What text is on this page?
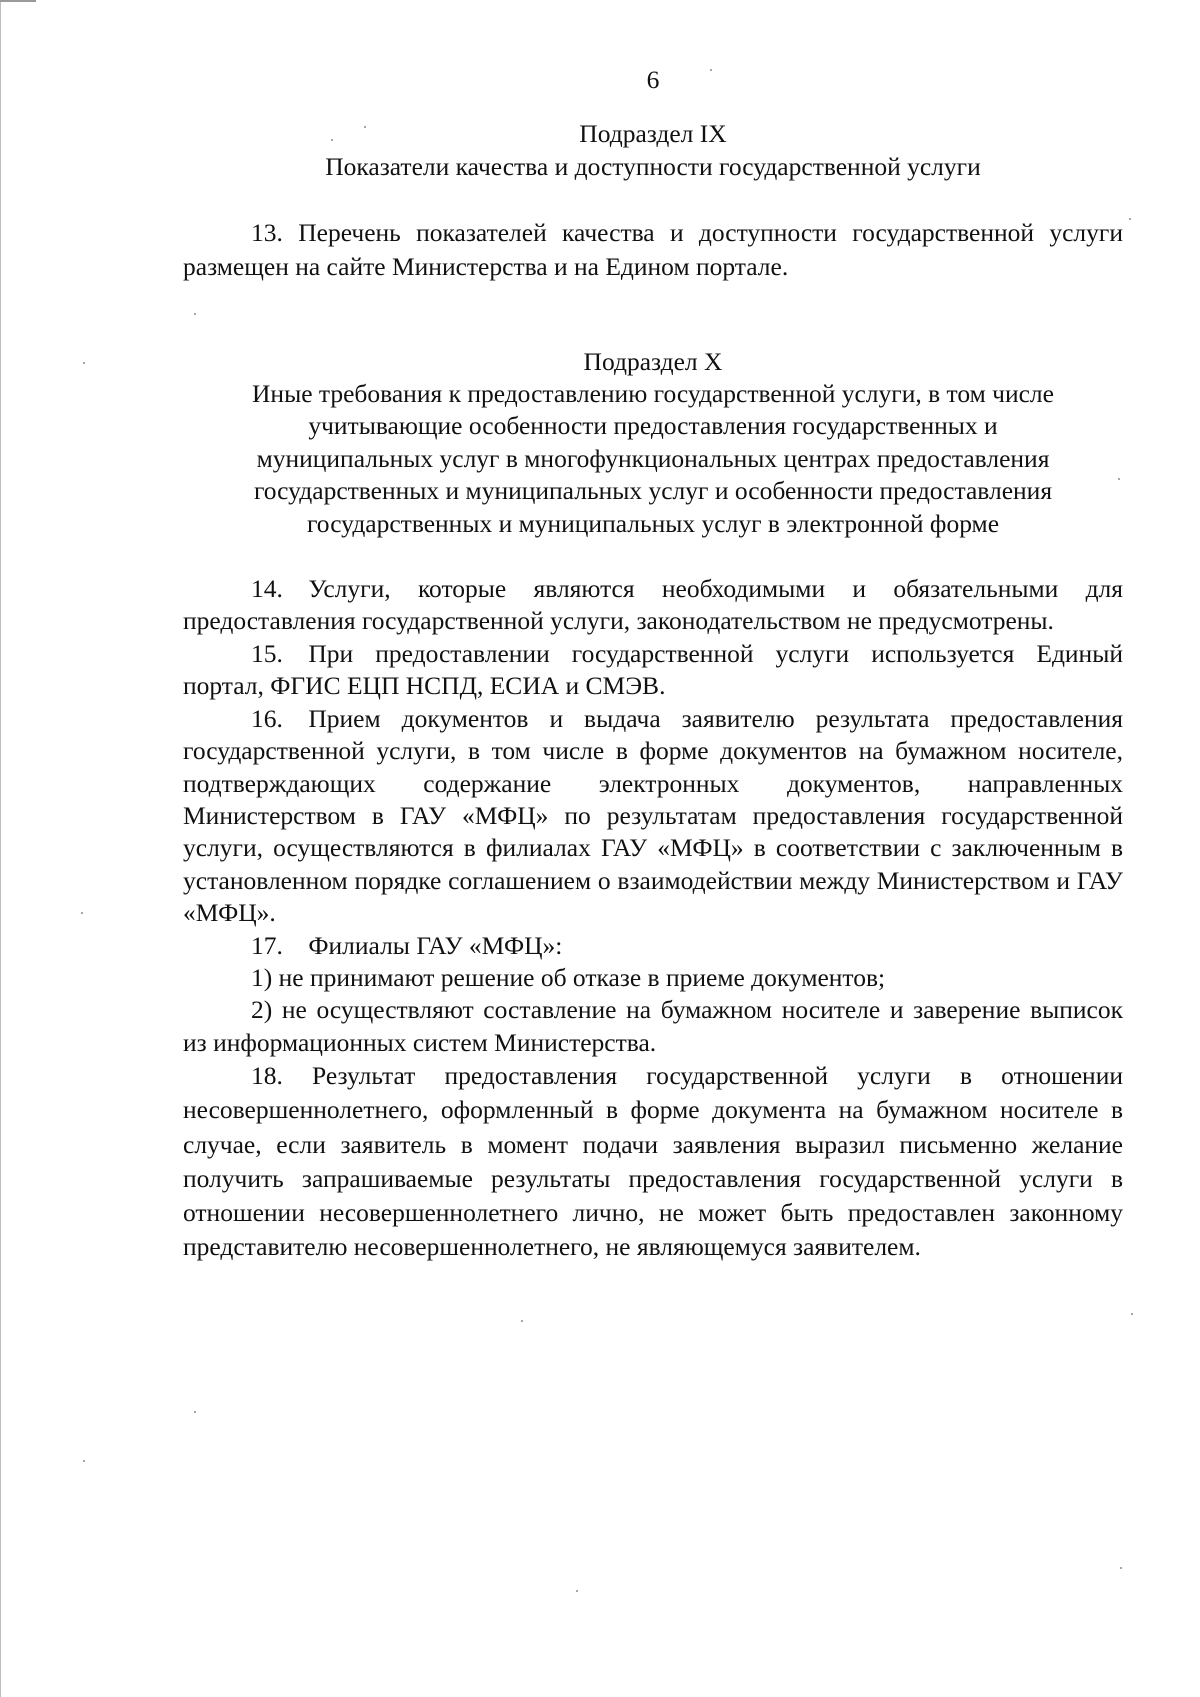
6

Подраздел IX

Показатели качества и доступности государственной услуги

13. Перечень показателей качества и доступности государственной услуги размещен на сайте Министерства и на Едином портале.

Подраздел X

Иные требования к предоставлению государственной услуги, в том числе

учитывающие особенности предоставления государственных и

муниципальных услуг в многофункциональных центрах предоставления

государственных и муниципальных услуг и особенности предоставления

государственных и муниципальных услуг в электронной форме

14. Услуги, которые являются необходимыми и обязательными для предоставления государственной услуги, законодательством не предусмотрены.

15. При предоставлении государственной услуги используется Единый портал, ФГИС ЕЦП НСПД, ЕСИА и СМЭВ.

16. Прием документов и выдача заявителю результата предоставления государственной услуги, в том числе в форме документов на бумажном носителе, подтверждающих содержание электронных документов, направленных Министерством в ГАУ «МФЦ» по результатам предоставления государственной услуги, осуществляются в филиалах ГАУ «МФЦ» в соответствии с заключенным в установленном порядке соглашением о взаимодействии между Министерством и ГАУ «МФЦ».

17. Филиалы ГАУ «МФЦ»:

1) не принимают решение об отказе в приеме документов;

2) не осуществляют составление на бумажном носителе и заверение выписок из информационных систем Министерства.

18. Результат предоставления государственной услуги в отношении несовершеннолетнего, оформленный в форме документа на бумажном носителе в случае, если заявитель в момент подачи заявления выразил письменно желание получить запрашиваемые результаты предоставления государственной услуги в отношении несовершеннолетнего лично, не может быть предоставлен законному представителю несовершеннолетнего, не являющемуся заявителем.
